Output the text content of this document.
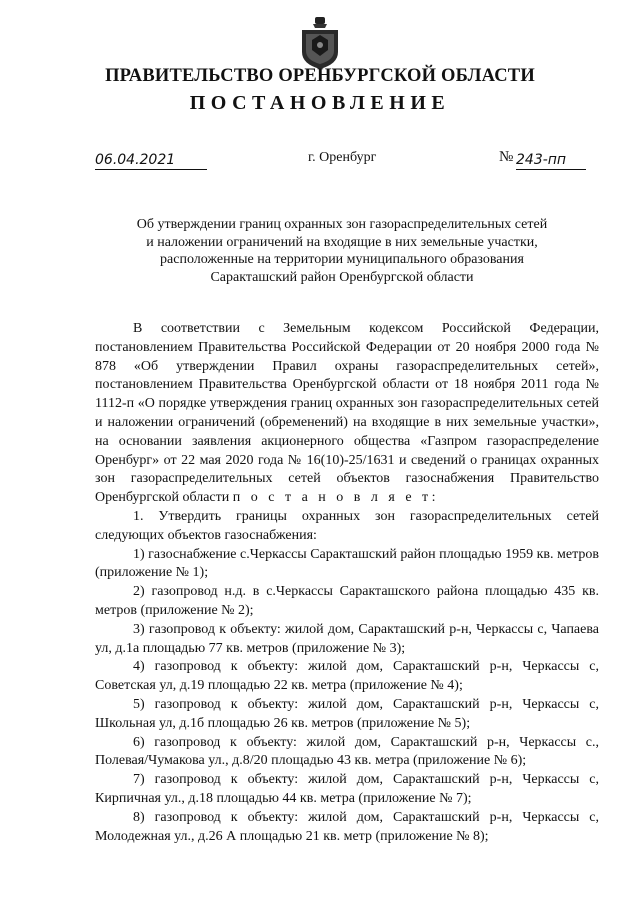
ПРАВИТЕЛЬСТВО ОРЕНБУРГСКОЙ ОБЛАСТИ
ПОСТАНОВЛЕНИЕ
06.04.2021	г. Оренбург	№ 243-пп
Об утверждении границ охранных зон газораспределительных сетей
и наложении ограничений на входящие в них земельные участки,
расположенные на территории муниципального образования
Саракташский район Оренбургской области

В соответствии с Земельным кодексом Российской Федерации, постановлением Правительства Российской Федерации от 20 ноября 2000 года № 878 «Об утверждении Правил охраны газораспределительных сетей», постановлением Правительства Оренбургской области от 18 ноября 2011 года № 1112-п «О порядке утверждения границ охранных зон газораспределительных сетей и наложении ограничений (обременений) на входящие в них земельные участки», на основании заявления акционерного общества «Газпром газораспределение Оренбург» от 22 мая 2020 года № 16(10)-25/1631 и сведений о границах охранных зон газораспределительных сетей объектов газоснабжения Правительство Оренбургской области п о с т а н о в л я е т:

1. Утвердить границы охранных зон газораспределительных сетей следующих объектов газоснабжения:

1) газоснабжение с.Черкассы Саракташский район площадью 1959 кв. метров (приложение № 1);

2) газопровод н.д. в с.Черкассы Саракташского района площадью 435 кв. метров (приложение № 2);

3) газопровод к объекту: жилой дом, Саракташский р-н, Черкассы с, Чапаева ул, д.1а площадью 77 кв. метров (приложение № 3);

4) газопровод к объекту: жилой дом, Саракташский р-н, Черкассы с, Советская ул, д.19 площадью 22 кв. метра (приложение № 4);

5) газопровод к объекту: жилой дом, Саракташский р-н, Черкассы с, Школьная ул, д.1б площадью 26 кв. метров (приложение № 5);

6) газопровод к объекту: жилой дом, Саракташский р-н, Черкассы с., Полевая/Чумакова ул., д.8/20 площадью 43 кв. метра (приложение № 6);

7) газопровод к объекту: жилой дом, Саракташский р-н, Черкассы с, Кирпичная ул., д.18 площадью 44 кв. метра (приложение № 7);

8) газопровод к объекту: жилой дом, Саракташский р-н, Черкассы с, Молодежная ул., д.26 А площадью 21 кв. метр (приложение № 8);
